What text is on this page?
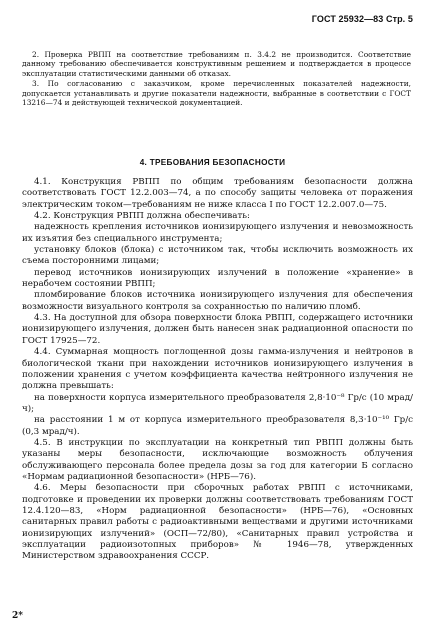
ГОСТ 25932—83 Стр. 5

2. Проверка РВПП на соответствие требованиям п. 3.4.2 не производится. Соответствие данному требованию обеспечивается конструктивным решением и подтверждается в процессе эксплуатации статистическими данными об отказах.

3. По согласованию с заказчиком, кроме перечисленных показателей надежности, допускается устанавливать и другие показатели надежности, выбранные в соответствии с ГОСТ 13216—74 и действующей технической документацией.

4. ТРЕБОВАНИЯ БЕЗОПАСНОСТИ

4.1. Конструкция РВПП по общим требованиям безопасности должна соответствовать ГОСТ 12.2.003—74, а по способу защиты человека от поражения электрическим током—требованиям не ниже класса I по ГОСТ 12.2.007.0—75.

4.2. Конструкция РВПП должна обеспечивать:

надежность крепления источников ионизирующего излучения и невозможность их изъятия без специального инструмента;

установку блоков (блока) с источником так, чтобы исключить возможность их съема посторонними лицами;

перевод источников ионизирующих излучений в положение «хранение» в нерабочем состоянии РВПП;

пломбирование блоков источника ионизирующего излучения для обеспечения возможности визуального контроля за сохранностью по наличию пломб.

4.3. На доступной для обзора поверхности блока РВПП, содержащего источники ионизирующего излучения, должен быть нанесен знак радиационной опасности по ГОСТ 17925—72.

4.4. Суммарная мощность поглощенной дозы гамма-излучения и нейтронов в биологической ткани при нахождении источников ионизирующего излучения в положении хранения с учетом коэффициента качества нейтронного излучения не должна превышать:

на поверхности корпуса измерительного преобразователя 2,8·10⁻⁸ Гр/с (10 мрад/ч);

на расстоянии 1 м от корпуса измерительного преобразователя 8,3·10⁻¹⁰ Гр/с (0,3 мрад/ч).

4.5. В инструкции по эксплуатации на конкретный тип РВПП должны быть указаны меры безопасности, исключающие возможность облучения обслуживающего персонала более предела дозы за год для категории Б согласно «Нормам радиационной безопасности» (НРБ—76).

4.6. Меры безопасности при сборочных работах РВПП с источниками, подготовке и проведении их проверки должны соответствовать требованиям ГОСТ 12.4.120—83, «Норм радиационной безопасности» (НРБ—76), «Основных санитарных правил работы с радиоактивными веществами и другими источниками ионизирующих излучений» (ОСП—72/80), «Санитарных правил устройства и эксплуатации радиоизотопных приборов» № 1946—78, утвержденных Министерством здравоохранения СССР.

2*
